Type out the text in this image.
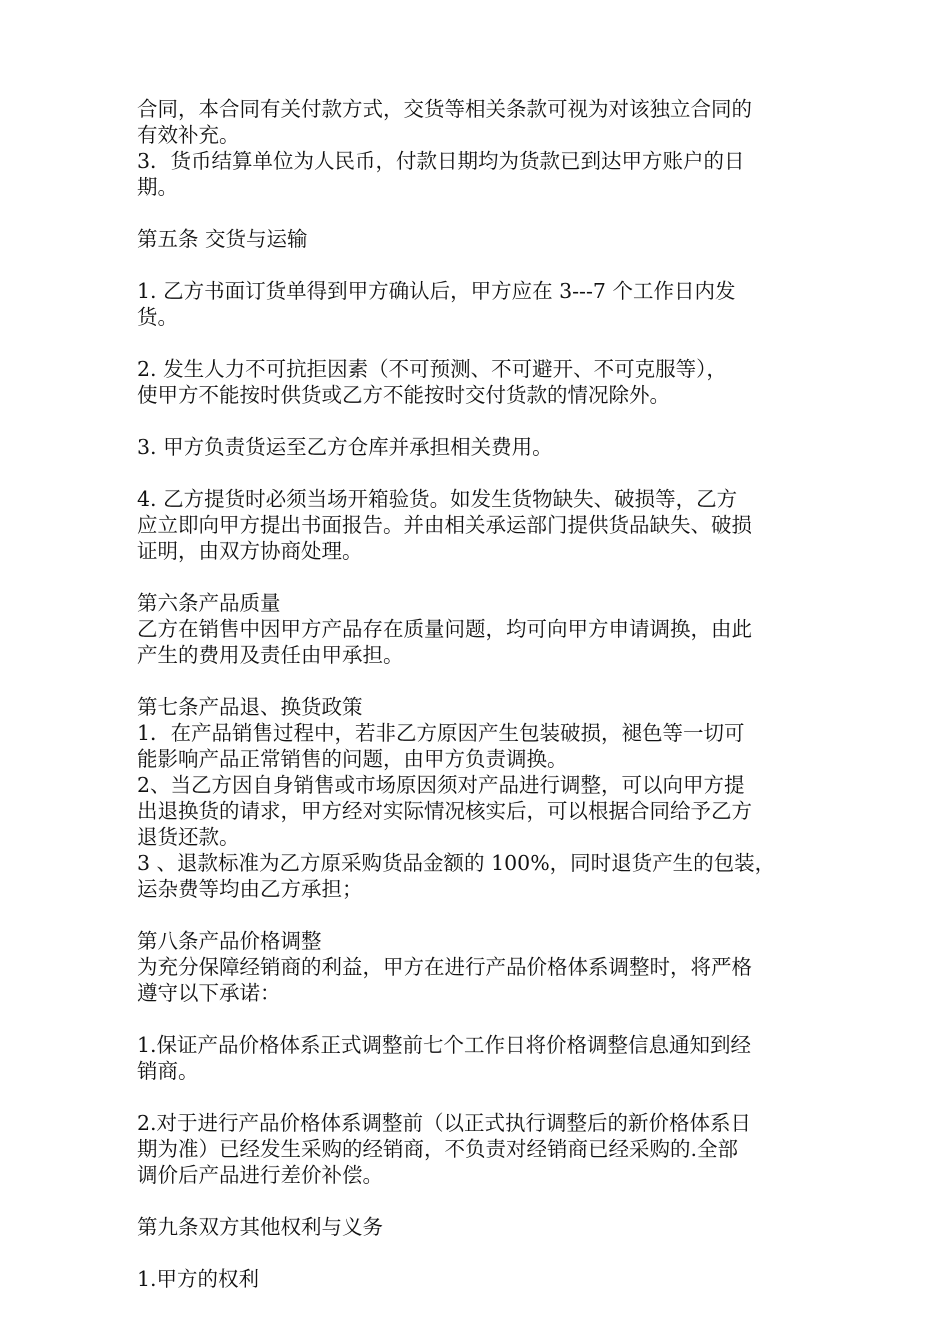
合同，本合同有关付款方式，交货等相关条款可视为对该独立合同的
有效补充。
3．货币结算单位为人民币，付款日期均为货款已到达甲方账户的日
期。
第五条 交货与运输
1. 乙方书面订货单得到甲方确认后，甲方应在 3---7 个工作日内发
货。
2. 发生人力不可抗拒因素（不可预测、不可避开、不可克服等），
使甲方不能按时供货或乙方不能按时交付货款的情况除外。
3. 甲方负责货运至乙方仓库并承担相关费用。
4. 乙方提货时必须当场开箱验货。如发生货物缺失、破损等，乙方
应立即向甲方提出书面报告。并由相关承运部门提供货品缺失、破损
证明，由双方协商处理。
第六条产品质量
乙方在销售中因甲方产品存在质量问题，均可向甲方申请调换，由此
产生的费用及责任由甲承担。
第七条产品退、换货政策
1．在产品销售过程中，若非乙方原因产生包装破损，褪色等一切可
能影响产品正常销售的问题，由甲方负责调换。
2、当乙方因自身销售或市场原因须对产品进行调整，可以向甲方提
出退换货的请求，甲方经对实际情况核实后，可以根据合同给予乙方
退货还款。
3 、退款标准为乙方原采购货品金额的 100%，同时退货产生的包装，
运杂费等均由乙方承担；
第八条产品价格调整
为充分保障经销商的利益，甲方在进行产品价格体系调整时，将严格
遵守以下承诺：
1.保证产品价格体系正式调整前七个工作日将价格调整信息通知到经
销商。
2.对于进行产品价格体系调整前（以正式执行调整后的新价格体系日
期为准）已经发生采购的经销商，不负责对经销商已经采购的.全部
调价后产品进行差价补偿。
第九条双方其他权利与义务
1.甲方的权利
